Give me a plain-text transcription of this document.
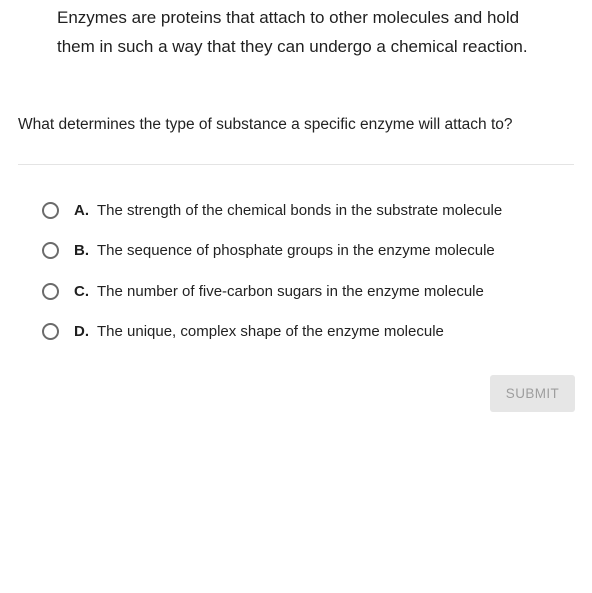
Enzymes are proteins that attach to other molecules and hold them in such a way that they can undergo a chemical reaction.
What determines the type of substance a specific enzyme will attach to?
A. The strength of the chemical bonds in the substrate molecule
B. The sequence of phosphate groups in the enzyme molecule
C. The number of five-carbon sugars in the enzyme molecule
D. The unique, complex shape of the enzyme molecule
SUBMIT
